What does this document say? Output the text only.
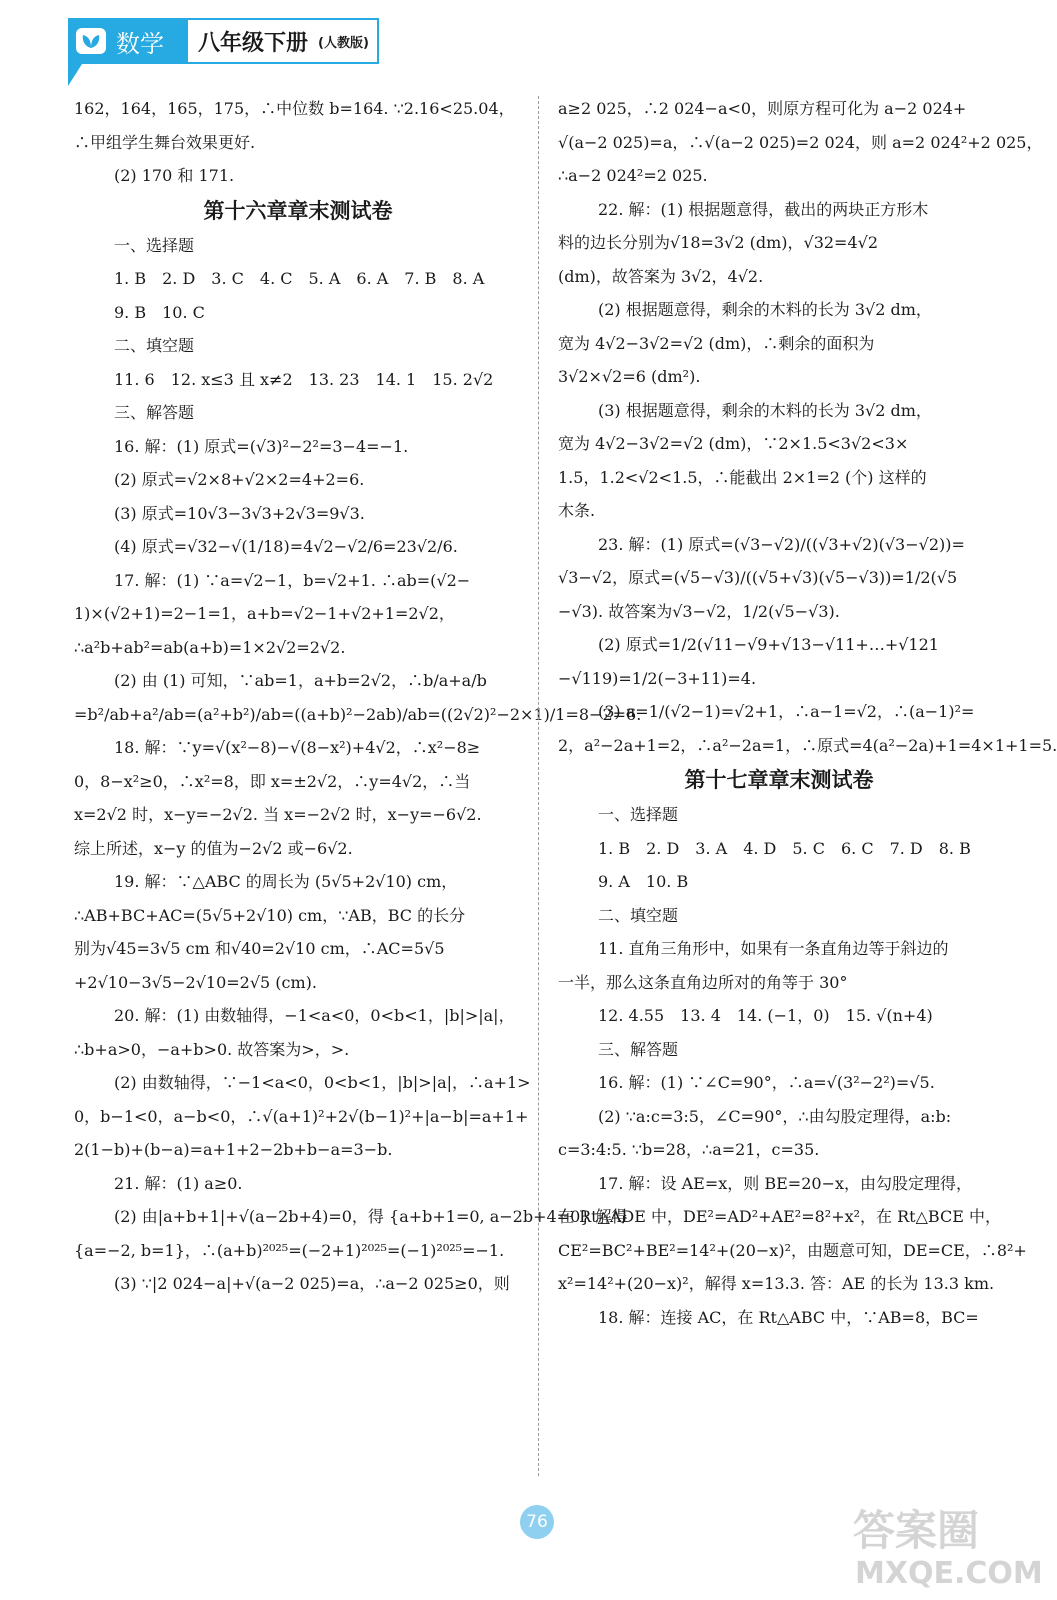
数学 八年级下册 (人教版)
162，164，165，175，∴中位数 b=164. ∵2.16<25.04，
∴甲组学生舞台效果更好.
(2) 170 和 171.
第十六章章末测试卷
一、选择题
1. B　2. D　3. C　4. C　5. A　6. A　7. B　8. A
9. B　10. C
二、填空题
11. 6　12. x≤3 且 x≠2　13. 23　14. 1　15. 2√2
三、解答题
16. 解：(1) 原式=(√3)²−2²=3−4=−1.
(2) 原式=√2×8+√2×2=4+2=6.
(3) 原式=10√3−3√3+2√3=9√3.
(4) 原式=√32−√(1/18)=4√2−√2/6=23√2/6.
17. 解：(1) ∵a=√2−1，b=√2+1. ∴ab=(√2−
1)×(√2+1)=2−1=1，a+b=√2−1+√2+1=2√2，
∴a²b+ab²=ab(a+b)=1×2√2=2√2.
(2) 由 (1) 可知，∵ab=1，a+b=2√2，∴b/a+a/b
=b²/ab+a²/ab=(a²+b²)/ab=((a+b)²−2ab)/ab=((2√2)²−2×1)/1=8−2=6.
18. 解：∵y=√(x²−8)−√(8−x²)+4√2，∴x²−8≥
0，8−x²≥0，∴x²=8，即 x=±2√2，∴y=4√2，∴当
x=2√2 时，x−y=−2√2. 当 x=−2√2 时，x−y=−6√2.
综上所述，x−y 的值为−2√2 或−6√2.
19. 解：∵△ABC 的周长为 (5√5+2√10) cm，
∴AB+BC+AC=(5√5+2√10) cm，∵AB，BC 的长分
别为√45=3√5 cm 和√40=2√10 cm，∴AC=5√5
+2√10−3√5−2√10=2√5 (cm).
20. 解：(1) 由数轴得，−1<a<0，0<b<1，|b|>|a|，
∴b+a>0，−a+b>0. 故答案为>，>.
(2) 由数轴得，∵−1<a<0，0<b<1，|b|>|a|，∴a+1>
0，b−1<0，a−b<0，∴√(a+1)²+2√(b−1)²+|a−b|=a+1+
2(1−b)+(b−a)=a+1+2−2b+b−a=3−b.
21. 解：(1) a≥0.
(2) 由|a+b+1|+√(a−2b+4)=0，得 {a+b+1=0, a−2b+4=0} 解得
{a=−2, b=1}，∴(a+b)²⁰²⁵=(−2+1)²⁰²⁵=(−1)²⁰²⁵=−1.
(3) ∵|2 024−a|+√(a−2 025)=a，∴a−2 025≥0，则
a≥2 025，∴2 024−a<0，则原方程可化为 a−2 024+
√(a−2 025)=a，∴√(a−2 025)=2 024，则 a=2 024²+2 025，
∴a−2 024²=2 025.
22. 解：(1) 根据题意得，截出的两块正方形木
料的边长分别为√18=3√2 (dm)，√32=4√2
(dm)，故答案为 3√2，4√2.
(2) 根据题意得，剩余的木料的长为 3√2 dm，
宽为 4√2−3√2=√2 (dm)，∴剩余的面积为
3√2×√2=6 (dm²).
(3) 根据题意得，剩余的木料的长为 3√2 dm，
宽为 4√2−3√2=√2 (dm)，∵2×1.5<3√2<3×
1.5，1.2<√2<1.5，∴能截出 2×1=2 (个) 这样的
木条.
23. 解：(1) 原式=(√3−√2)/((√3+√2)(√3−√2))=
√3−√2，原式=(√5−√3)/((√5+√3)(√5−√3))=1/2(√5
−√3). 故答案为√3−√2，1/2(√5−√3).
(2) 原式=1/2(√11−√9+√13−√11+…+√121
−√119)=1/2(−3+11)=4.
(3) a=1/(√2−1)=√2+1，∴a−1=√2，∴(a−1)²=
2，a²−2a+1=2，∴a²−2a=1，∴原式=4(a²−2a)+1=4×1+1=5.
第十七章章末测试卷
一、选择题
1. B　2. D　3. A　4. D　5. C　6. C　7. D　8. B
9. A　10. B
二、填空题
11. 直角三角形中，如果有一条直角边等于斜边的
一半，那么这条直角边所对的角等于 30°
12. 4.55　13. 4　14. (−1，0)　15. √(n+4)
三、解答题
16. 解：(1) ∵∠C=90°，∴a=√(3²−2²)=√5.
(2) ∵a:c=3:5，∠C=90°，∴由勾股定理得，a:b:
c=3:4:5. ∵b=28，∴a=21，c=35.
17. 解：设 AE=x，则 BE=20−x，由勾股定理得，
在 Rt△ADE 中，DE²=AD²+AE²=8²+x²，在 Rt△BCE 中，
CE²=BC²+BE²=14²+(20−x)²，由题意可知，DE=CE，∴8²+
x²=14²+(20−x)²，解得 x=13.3. 答：AE 的长为 13.3 km.
18. 解：连接 AC，在 Rt△ABC 中，∵AB=8，BC=
76	答案圈
MXQE.COM
